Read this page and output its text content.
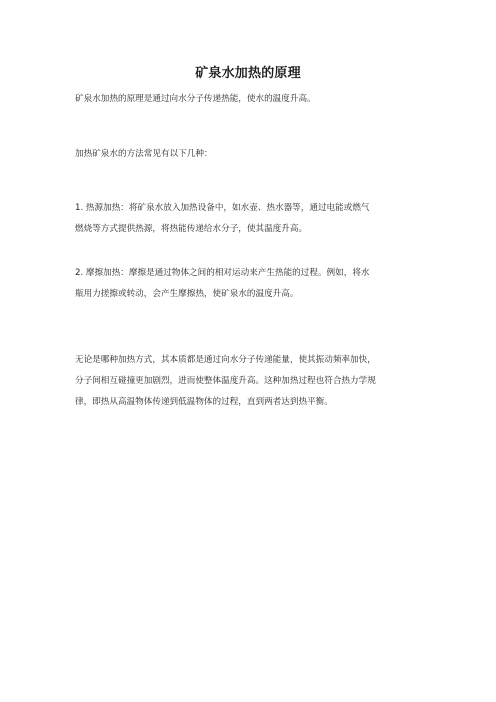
矿泉水加热的原理
矿泉水加热的原理是通过向水分子传递热能，使水的温度升高。
加热矿泉水的方法常见有以下几种：
1. 热源加热：将矿泉水放入加热设备中，如水壶、热水器等，通过电能或燃气
燃烧等方式提供热源，将热能传递给水分子，使其温度升高。
2. 摩擦加热：摩擦是通过物体之间的相对运动来产生热能的过程。例如，将水
瓶用力搓擦或转动，会产生摩擦热，使矿泉水的温度升高。
无论是哪种加热方式，其本质都是通过向水分子传递能量，使其振动频率加快，
分子间相互碰撞更加剧烈，进而使整体温度升高。这种加热过程也符合热力学规
律，即热从高温物体传递到低温物体的过程，直到两者达到热平衡。
